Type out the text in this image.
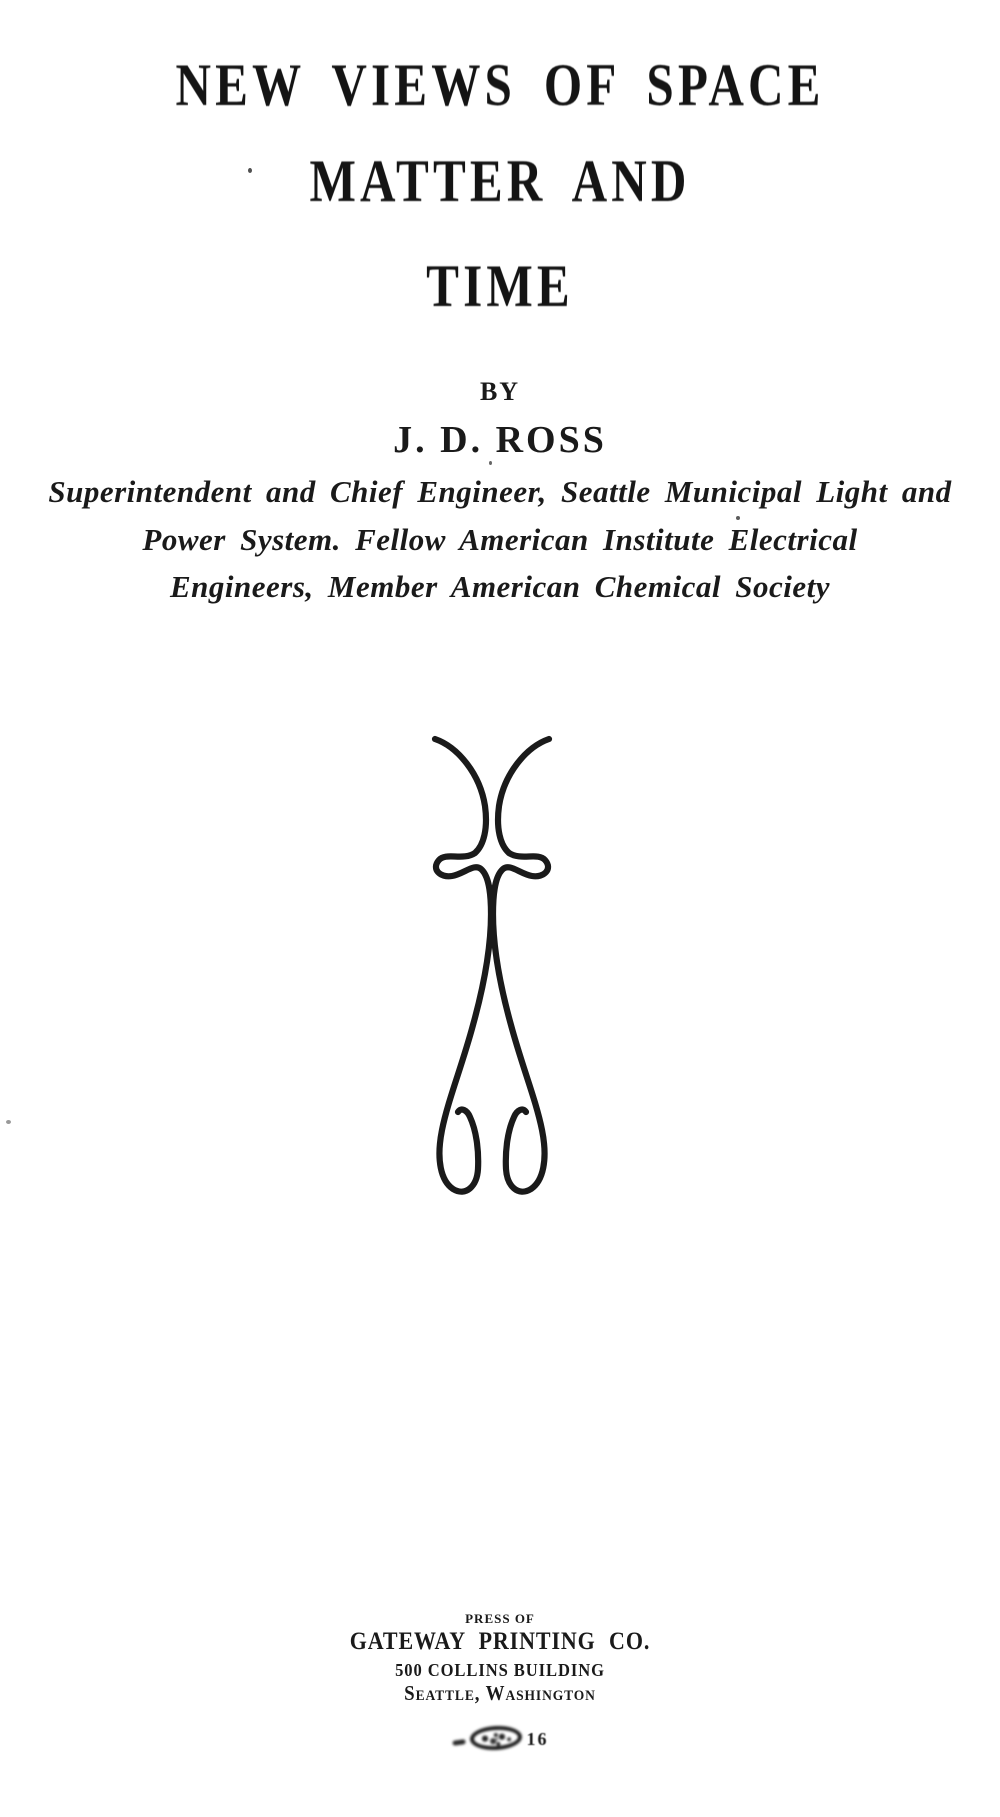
NEW VIEWS OF SPACE
MATTER AND
TIME
BY
J. D. ROSS

Superintendent and Chief Engineer, Seattle Municipal Light and

Power System. Fellow American Institute Electrical

Engineers, Member American Chemical Society

PRESS OF

GATEWAY PRINTING CO.

500 COLLINS BUILDING

Seattle, Washington

16
